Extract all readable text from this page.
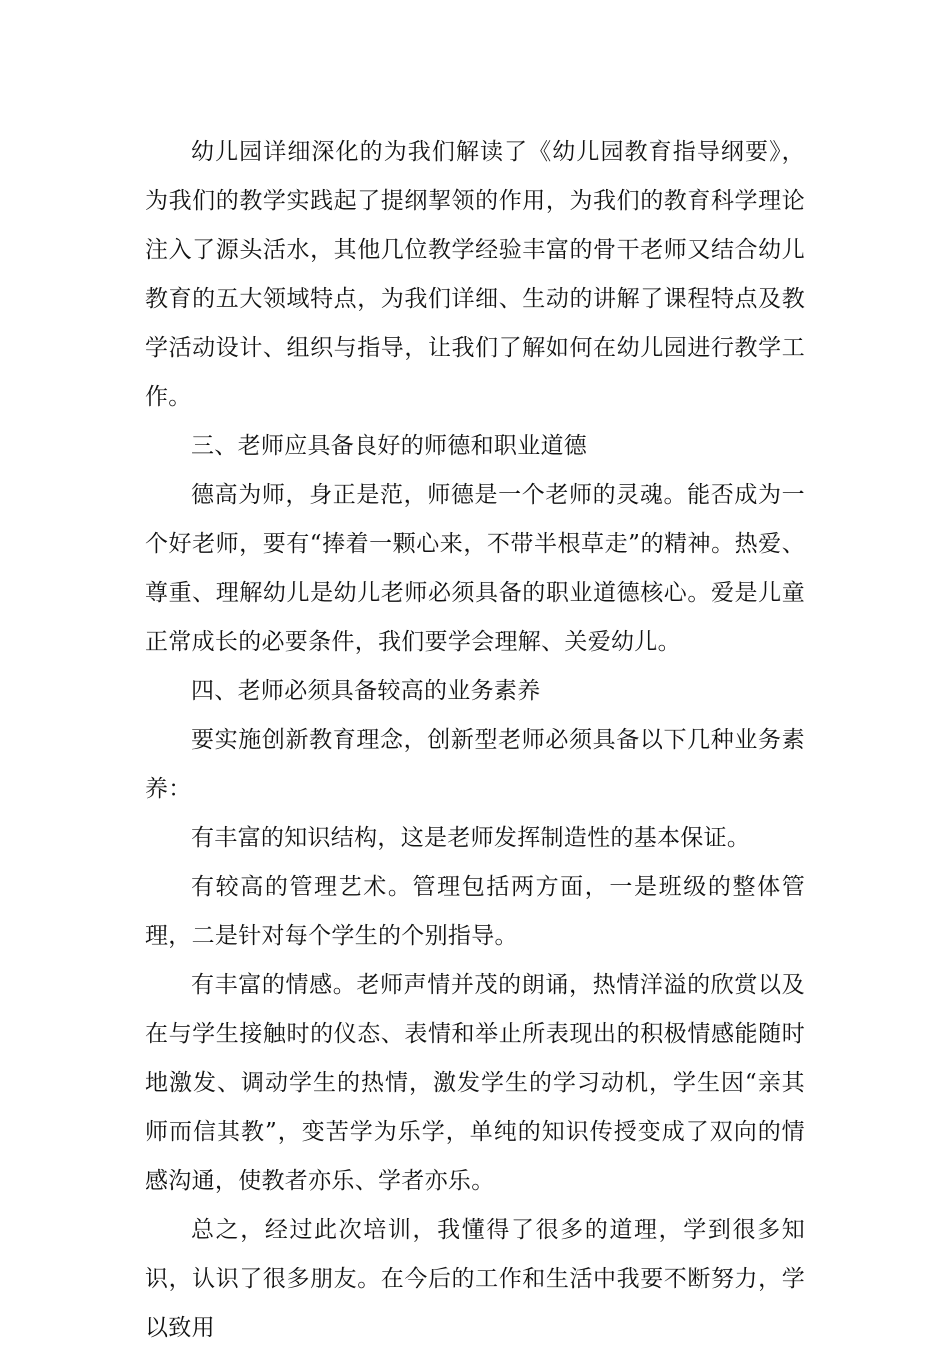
幼儿园详细深化的为我们解读了《幼儿园教育指导纲要》，为我们的教学实践起了提纲挈领的作用，为我们的教育科学理论注入了源头活水，其他几位教学经验丰富的骨干老师又结合幼儿教育的五大领域特点，为我们详细、生动的讲解了课程特点及教学活动设计、组织与指导，让我们了解如何在幼儿园进行教学工作。

三、老师应具备良好的师德和职业道德

德高为师，身正是范，师德是一个老师的灵魂。能否成为一个好老师，要有“捧着一颗心来，不带半根草走”的精神。热爱、尊重、理解幼儿是幼儿老师必须具备的职业道德核心。爱是儿童正常成长的必要条件，我们要学会理解、关爱幼儿。

四、老师必须具备较高的业务素养

要实施创新教育理念，创新型老师必须具备以下几种业务素养：

有丰富的知识结构，这是老师发挥制造性的基本保证。

有较高的管理艺术。管理包括两方面，一是班级的整体管理，二是针对每个学生的个别指导。

有丰富的情感。老师声情并茂的朗诵，热情洋溢的欣赏以及在与学生接触时的仪态、表情和举止所表现出的积极情感能随时地激发、调动学生的热情，激发学生的学习动机，学生因“亲其师而信其教”，变苦学为乐学，单纯的知识传授变成了双向的情感沟通，使教者亦乐、学者亦乐。

总之，经过此次培训，我懂得了很多的道理，学到很多知识，认识了很多朋友。在今后的工作和生活中我要不断努力，学以致用
